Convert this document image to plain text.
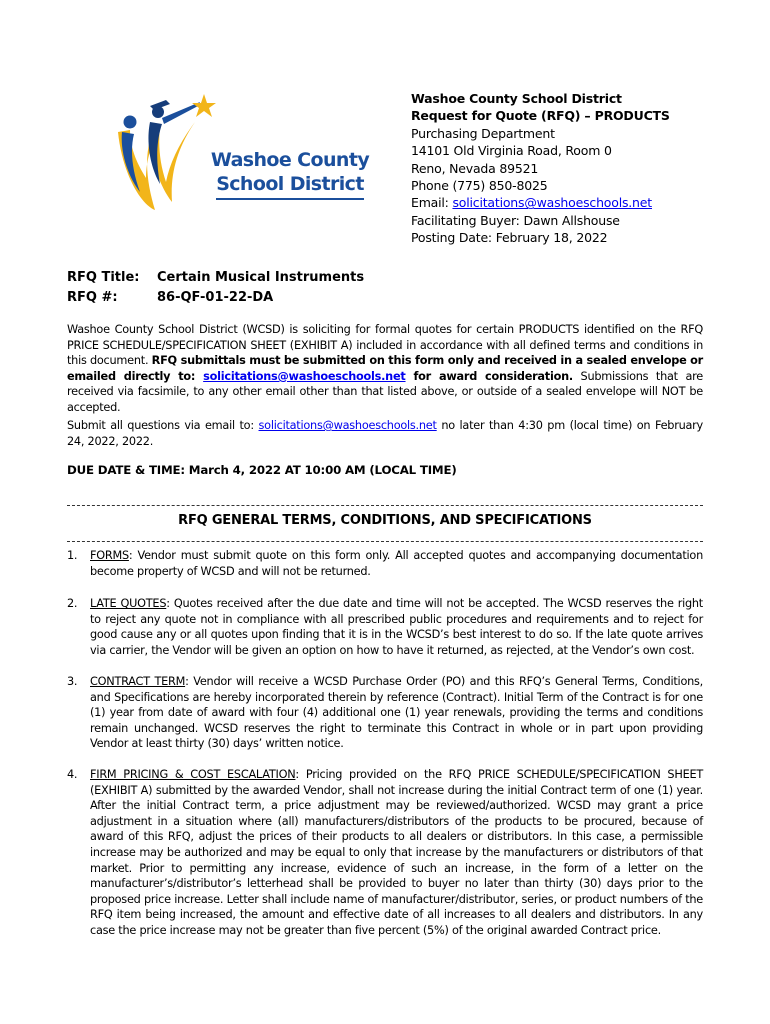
Washoe County
School District
Washoe County School District
Request for Quote (RFQ) – PRODUCTS
Purchasing Department
14101 Old Virginia Road, Room 0
Reno, Nevada 89521
Phone (775) 850-8025
Email: solicitations@washoeschools.net
Facilitating Buyer: Dawn Allshouse
Posting Date: February 18, 2022
RFQ Title:	Certain Musical Instruments
RFQ #:	86-QF-01-22-DA
Washoe County School District (WCSD) is soliciting for formal quotes for certain PRODUCTS identified on the RFQ PRICE SCHEDULE/SPECIFICATION SHEET (EXHIBIT A) included in accordance with all defined terms and conditions in this document. RFQ submittals must be submitted on this form only and received in a sealed envelope or emailed directly to: solicitations@washoeschools.net for award consideration. Submissions that are received via facsimile, to any other email other than that listed above, or outside of a sealed envelope will NOT be accepted.
Submit all questions via email to: solicitations@washoeschools.net no later than 4:30 pm (local time) on February 24, 2022, 2022.
DUE DATE & TIME: March 4, 2022 AT 10:00 AM (LOCAL TIME)
RFQ GENERAL TERMS, CONDITIONS, AND SPECIFICATIONS
1.	FORMS: Vendor must submit quote on this form only. All accepted quotes and accompanying documentation become property of WCSD and will not be returned.
2.	LATE QUOTES: Quotes received after the due date and time will not be accepted. The WCSD reserves the right to reject any quote not in compliance with all prescribed public procedures and requirements and to reject for good cause any or all quotes upon finding that it is in the WCSD’s best interest to do so. If the late quote arrives via carrier, the Vendor will be given an option on how to have it returned, as rejected, at the Vendor’s own cost.
3.	CONTRACT TERM: Vendor will receive a WCSD Purchase Order (PO) and this RFQ’s General Terms, Conditions, and Specifications are hereby incorporated therein by reference (Contract). Initial Term of the Contract is for one (1) year from date of award with four (4) additional one (1) year renewals, providing the terms and conditions remain unchanged. WCSD reserves the right to terminate this Contract in whole or in part upon providing Vendor at least thirty (30) days’ written notice.
4.	FIRM PRICING & COST ESCALATION: Pricing provided on the RFQ PRICE SCHEDULE/SPECIFICATION SHEET (EXHIBIT A) submitted by the awarded Vendor, shall not increase during the initial Contract term of one (1) year. After the initial Contract term, a price adjustment may be reviewed/authorized. WCSD may grant a price adjustment in a situation where (all) manufacturers/distributors of the products to be procured, because of award of this RFQ, adjust the prices of their products to all dealers or distributors. In this case, a permissible increase may be authorized and may be equal to only that increase by the manufacturers or distributors of that market. Prior to permitting any increase, evidence of such an increase, in the form of a letter on the manufacturer’s/distributor’s letterhead shall be provided to buyer no later than thirty (30) days prior to the proposed price increase. Letter shall include name of manufacturer/distributor, series, or product numbers of the RFQ item being increased, the amount and effective date of all increases to all dealers and distributors. In any case the price increase may not be greater than five percent (5%) of the original awarded Contract price.
